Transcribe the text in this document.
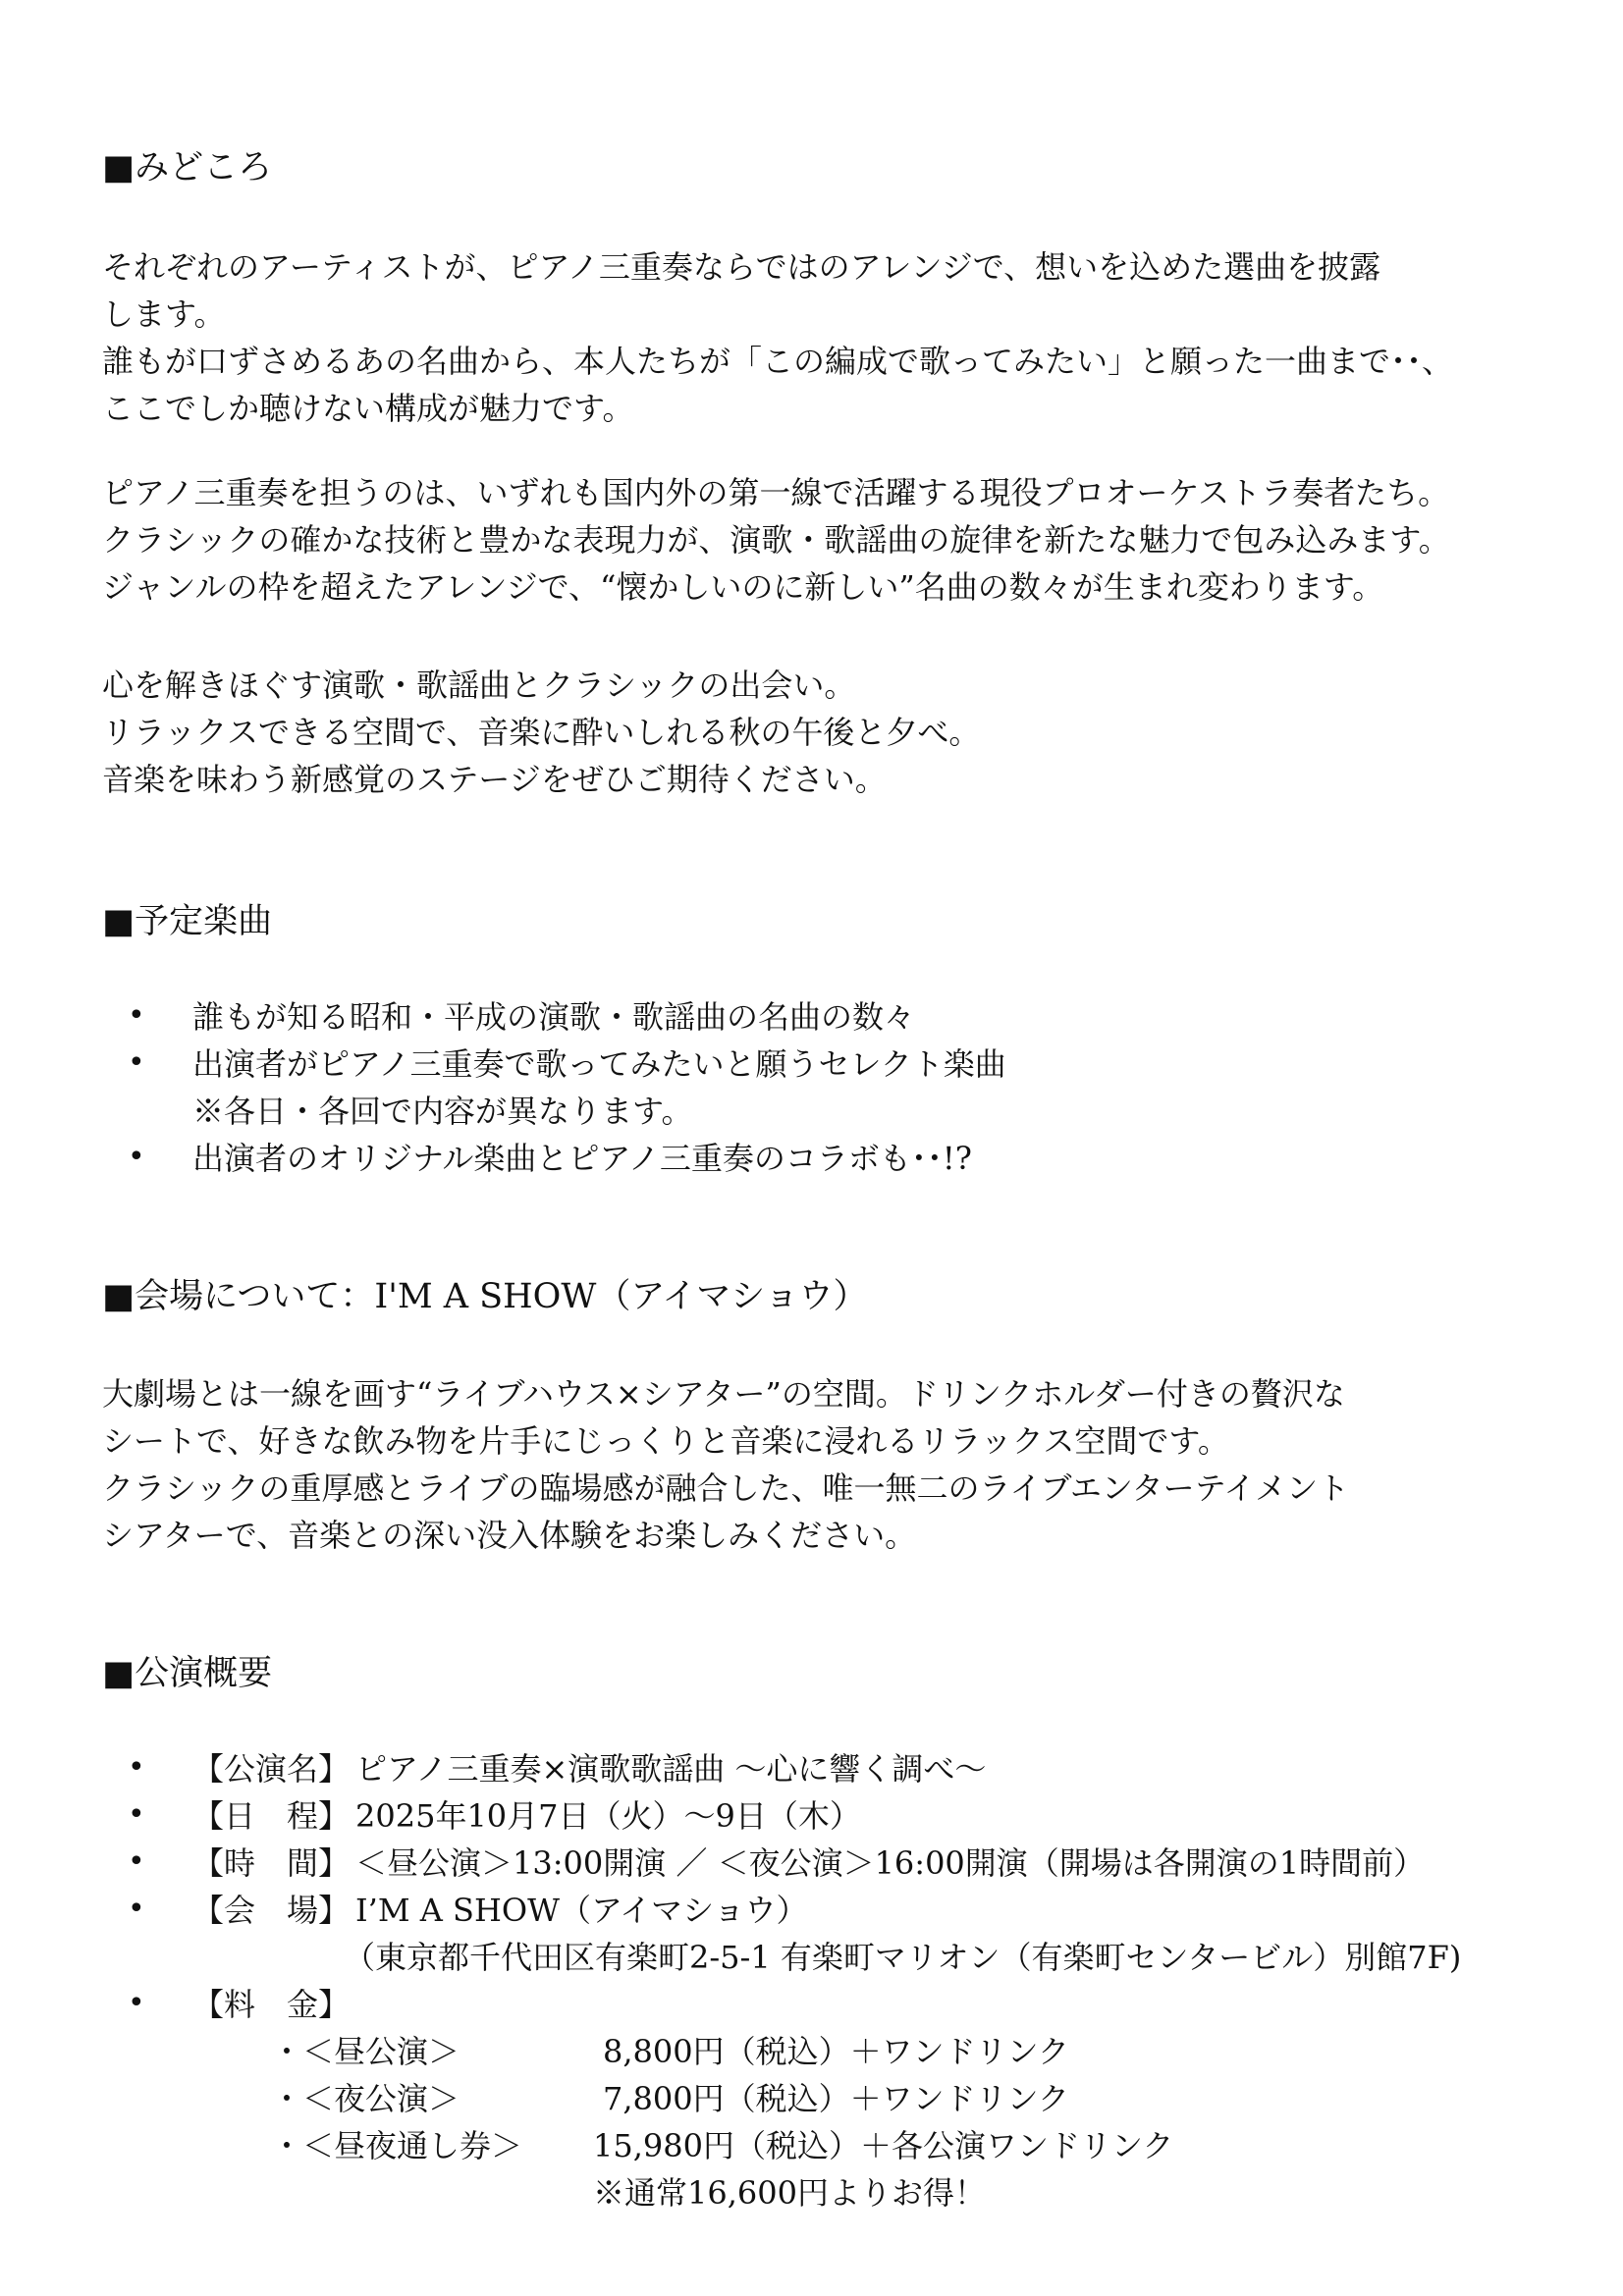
■みどころ
それぞれのアーティストが、ピアノ三重奏ならではのアレンジで、想いを込めた選曲を披露
します。
誰もが口ずさめるあの名曲から、本人たちが「この編成で歌ってみたい」と願った一曲まで･･、
ここでしか聴けない構成が魅力です。
ピアノ三重奏を担うのは、いずれも国内外の第一線で活躍する現役プロオーケストラ奏者たち。
クラシックの確かな技術と豊かな表現力が、演歌・歌謡曲の旋律を新たな魅力で包み込みます。
ジャンルの枠を超えたアレンジで、“懐かしいのに新しい”名曲の数々が生まれ変わります。
心を解きほぐす演歌・歌謡曲とクラシックの出会い。
リラックスできる空間で、音楽に酔いしれる秋の午後と夕べ。
音楽を味わう新感覚のステージをぜひご期待ください。
■予定楽曲
• 誰もが知る昭和・平成の演歌・歌謡曲の名曲の数々
• 出演者がピアノ三重奏で歌ってみたいと願うセレクト楽曲
※各日・各回で内容が異なります。
• 出演者のオリジナル楽曲とピアノ三重奏のコラボも･･!?
■会場について：I'M A SHOW（アイマショウ）
大劇場とは一線を画す“ライブハウス×シアター”の空間。ドリンクホルダー付きの贅沢な
シートで、好きな飲み物を片手にじっくりと音楽に浸れるリラックス空間です。
クラシックの重厚感とライブの臨場感が融合した、唯一無二のライブエンターテイメント
シアターで、音楽との深い没入体験をお楽しみください。
■公演概要
• 【公演名】 ピアノ三重奏×演歌歌謡曲 〜心に響く調べ〜
• 【日　程】 2025年10月7日（火）〜9日（木）
• 【時　間】 ＜昼公演＞13:00開演 ／ ＜夜公演＞16:00開演（開場は各開演の1時間前）
• 【会　場】 I’M A SHOW（アイマショウ）
（東京都千代田区有楽町2-5-1 有楽町マリオン（有楽町センタービル）別館7F)
• 【料　金】
・＜昼公演＞	8,800円（税込）＋ワンドリンク
・＜夜公演＞	7,800円（税込）＋ワンドリンク
・＜昼夜通し券＞ 15,980円（税込）＋各公演ワンドリンク
※通常16,600円よりお得！
